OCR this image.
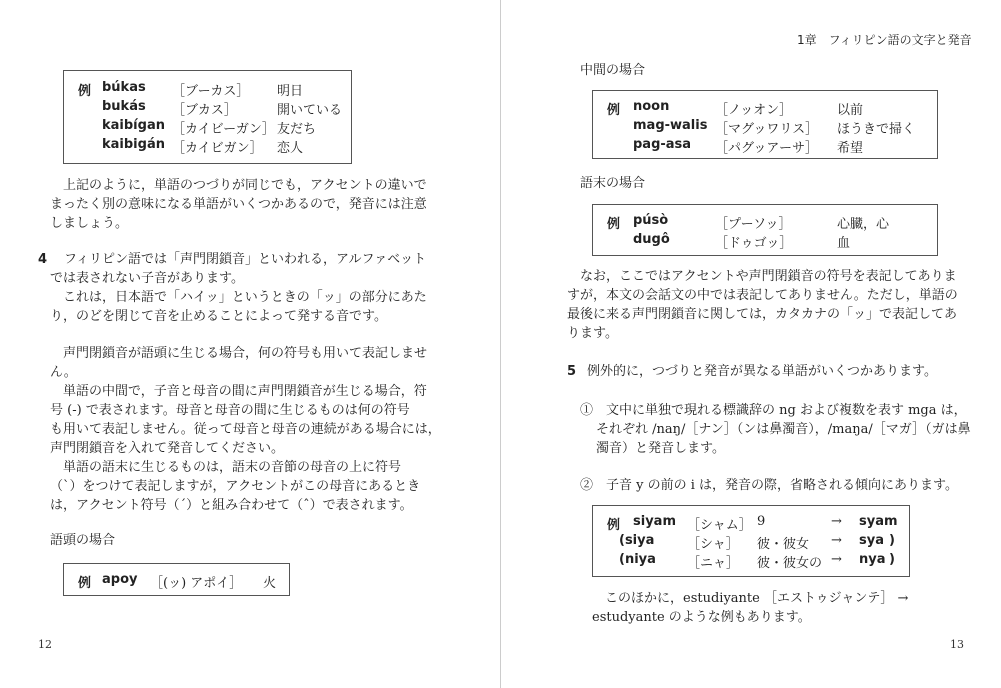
例 búkas ［ブーカス］ 明日
bukás ［ブカス］	開いている
kaibígan ［カイビーガン］ 友だち
kaibigán ［カイビガン］ 恋人
　上記のように，単語のつづりが同じでも，アクセントの違いで
まったく別の意味になる単語がいくつかあるので，発音には注意
しましょう。
4	フィリピン語では「声門閉鎖音」といわれる，アルファベット
では表されない子音があります。
　これは，日本語で「ハイッ」というときの「ッ」の部分にあた
り，のどを閉じて音を止めることによって発する音です。
　声門閉鎖音が語頭に生じる場合，何の符号も用いて表記しませ
ん。
　単語の中間で，子音と母音の間に声門閉鎖音が生じる場合，符
号 (-) で表されます。母音と母音の間に生じるものは何の符号
も用いて表記しません。従って母音と母音の連続がある場合には，
声門閉鎖音を入れて発音してください。
　単語の語末に生じるものは，語末の音節の母音の上に符号
（ˋ）をつけて表記しますが，アクセントがこの母音にあるとき
は，アクセント符号（ˊ）と組み合わせて（ˆ）で表されます。
語頭の場合
例 apoy ［(ッ) アポイ］ 火
12
1章　フィリピン語の文字と発音
中間の場合
例 noon	［ノッオン］	以前
mag-walis ［マグッワリス］ ほうきで掃く
pag-asa ［パグッアーサ］ 希望
語末の場合
例 púsò	［プーソッ］	心臓，心
dugô	［ドゥゴッ］	血
　なお，ここではアクセントや声門閉鎖音の符号を表記してありま
すが，本文の会話文の中では表記してありません。ただし，単語の
最後に来る声門閉鎖音に関しては，カタカナの「ッ」で表記してあ
ります。
5 例外的に，つづりと発音が異なる単語がいくつかあります。
①　文中に単独で現れる標識辞の ng および複数を表す mga は，
それぞれ /naŋ/［ナン］（ンは鼻濁音），/maŋa/［マガ］（ガは鼻
濁音）と発音します。
②　子音 y の前の i は，発音の際，省略される傾向にあります。
例 siyam ［シャム］ 9	→ syam
(siya	［シャ］ 彼・彼女 → sya )
(niya ［ニャ］ 彼・彼女の → nya )
　このほかに，estudiyante ［エストゥジャンテ］ →
estudyante のような例もあります。
13
